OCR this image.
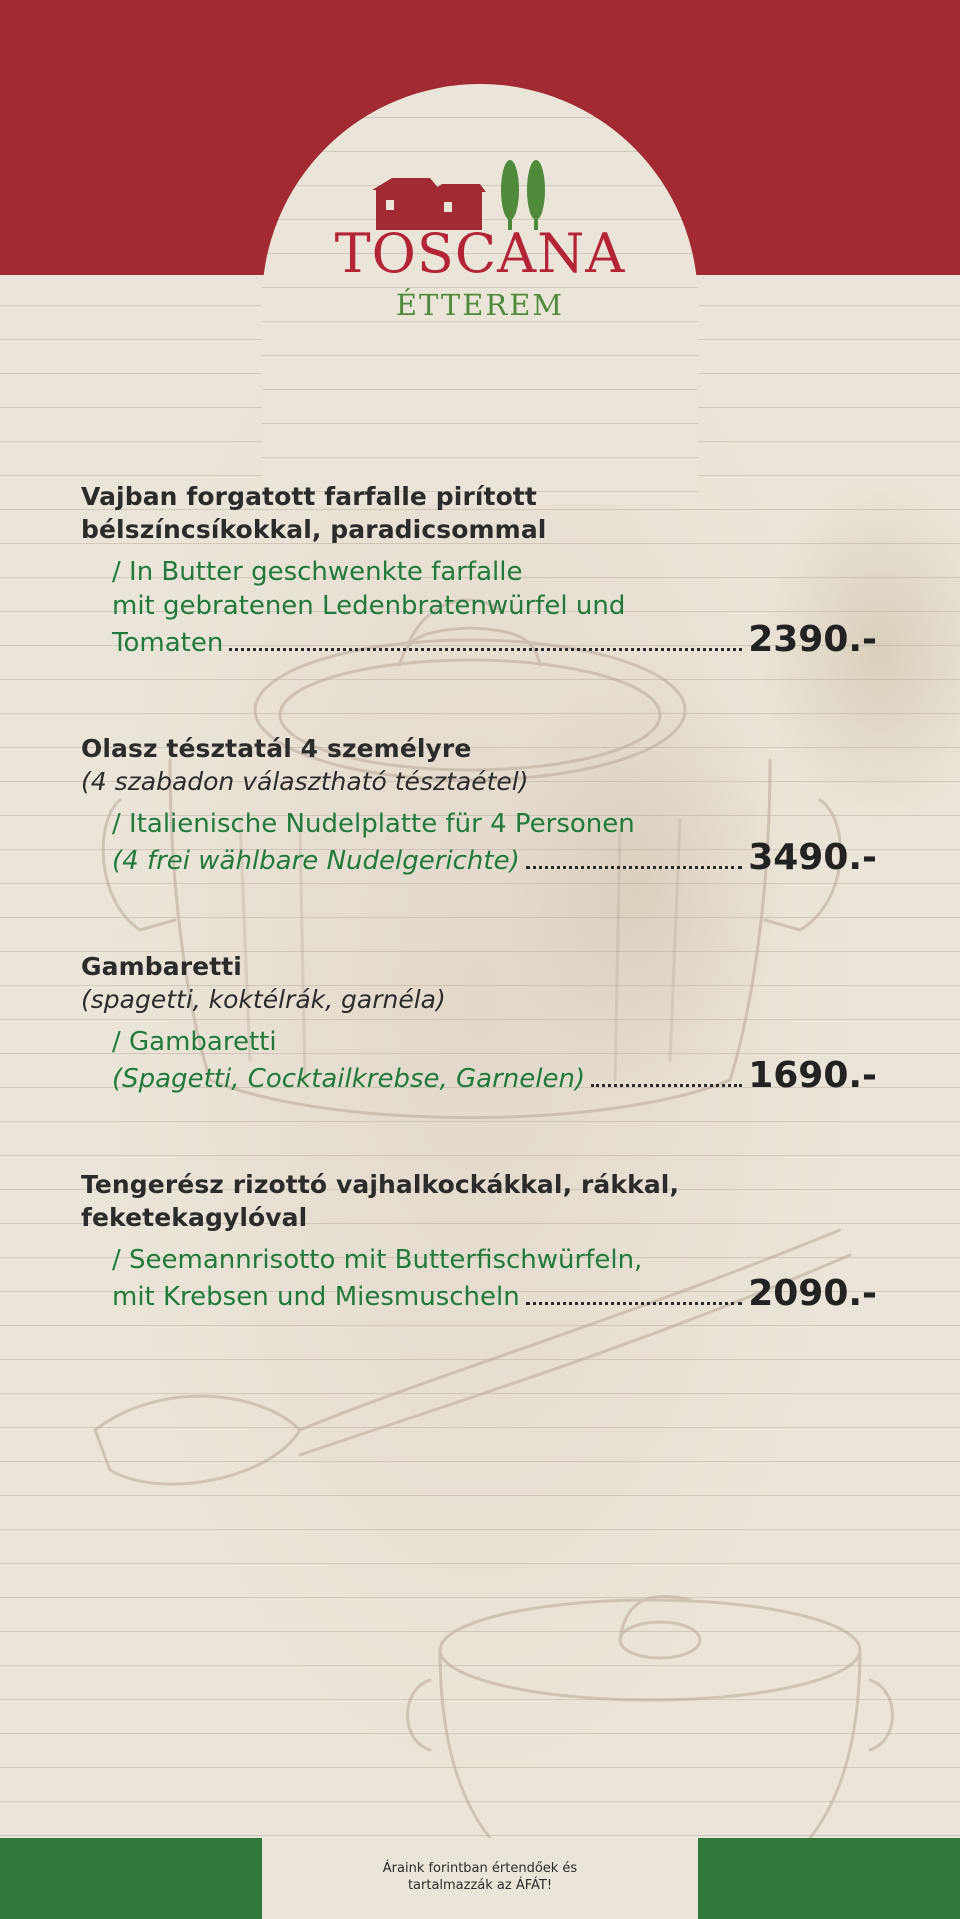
TOSCANA
ÉTTEREM
Vajban forgatott farfalle pirított
bélszíncsíkokkal, paradicsommal
/ In Butter geschwenkte farfalle
mit gebratenen Ledenbratenwürfel und
Tomaten	2390.-
Olasz tésztatál 4 személyre
(4 szabadon választható tésztaétel)
/ Italienische Nudelplatte für 4 Personen
(4 frei wählbare Nudelgerichte)	3490.-
Gambaretti
(spagetti, koktélrák, garnéla)
/ Gambaretti
(Spagetti, Cocktailkrebse, Garnelen)	1690.-
Tengerész rizottó vajhalkockákkal, rákkal,
feketekagylóval
/ Seemannrisotto mit Butterfischwürfeln,
mit Krebsen und Miesmuscheln	2090.-
Áraink forintban értendőek és
tartalmazzák az ÁFÁT!
